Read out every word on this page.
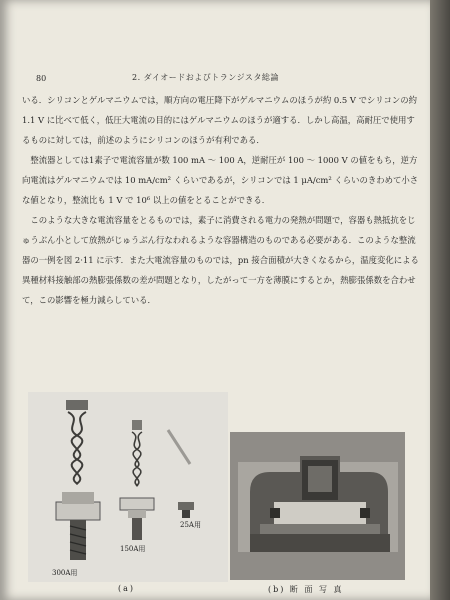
80	2. ダイオードおよびトランジスタ総論

いる．シリコンとゲルマニウムでは，順方向の電圧降下がゲルマニウムのほうが約 0.5 V でシリコンの約 1.1 V に比べて低く，低圧大電流の目的にはゲルマニウムのほうが適する．しかし高温，高耐圧で使用するものに対しては，前述のようにシリコンのほうが有利である．

整流器としては1素子で電流容量が数 100 mA ～ 100 A，逆耐圧が 100 ～ 1000 V の値をもち，逆方向電流はゲルマニウムでは 10 mA/cm² くらいであるが，シリコンでは 1 μA/cm² くらいのきわめて小さな値となり，整流比も 1 V で 10⁶ 以上の値をとることができる．

このような大きな電流容量をとるものでは，素子に消費される電力の発熱が問題で，容器も熱抵抗をじゅうぶん小として放熱がじゅうぶん行なわれるような容器構造のものである必要がある．このような整流器の一例を図 2·11 に示す．また大電流容量のものでは，pn 接合面積が大きくなるから，温度変化による異種材料接触部の熱膨張係数の差が問題となり，したがって一方を薄膜にするとか，熱膨張係数を合わせて，この影響を極力減らしている．

300A用
150A用
25A用
(a)	(b) 断 面 写 真
